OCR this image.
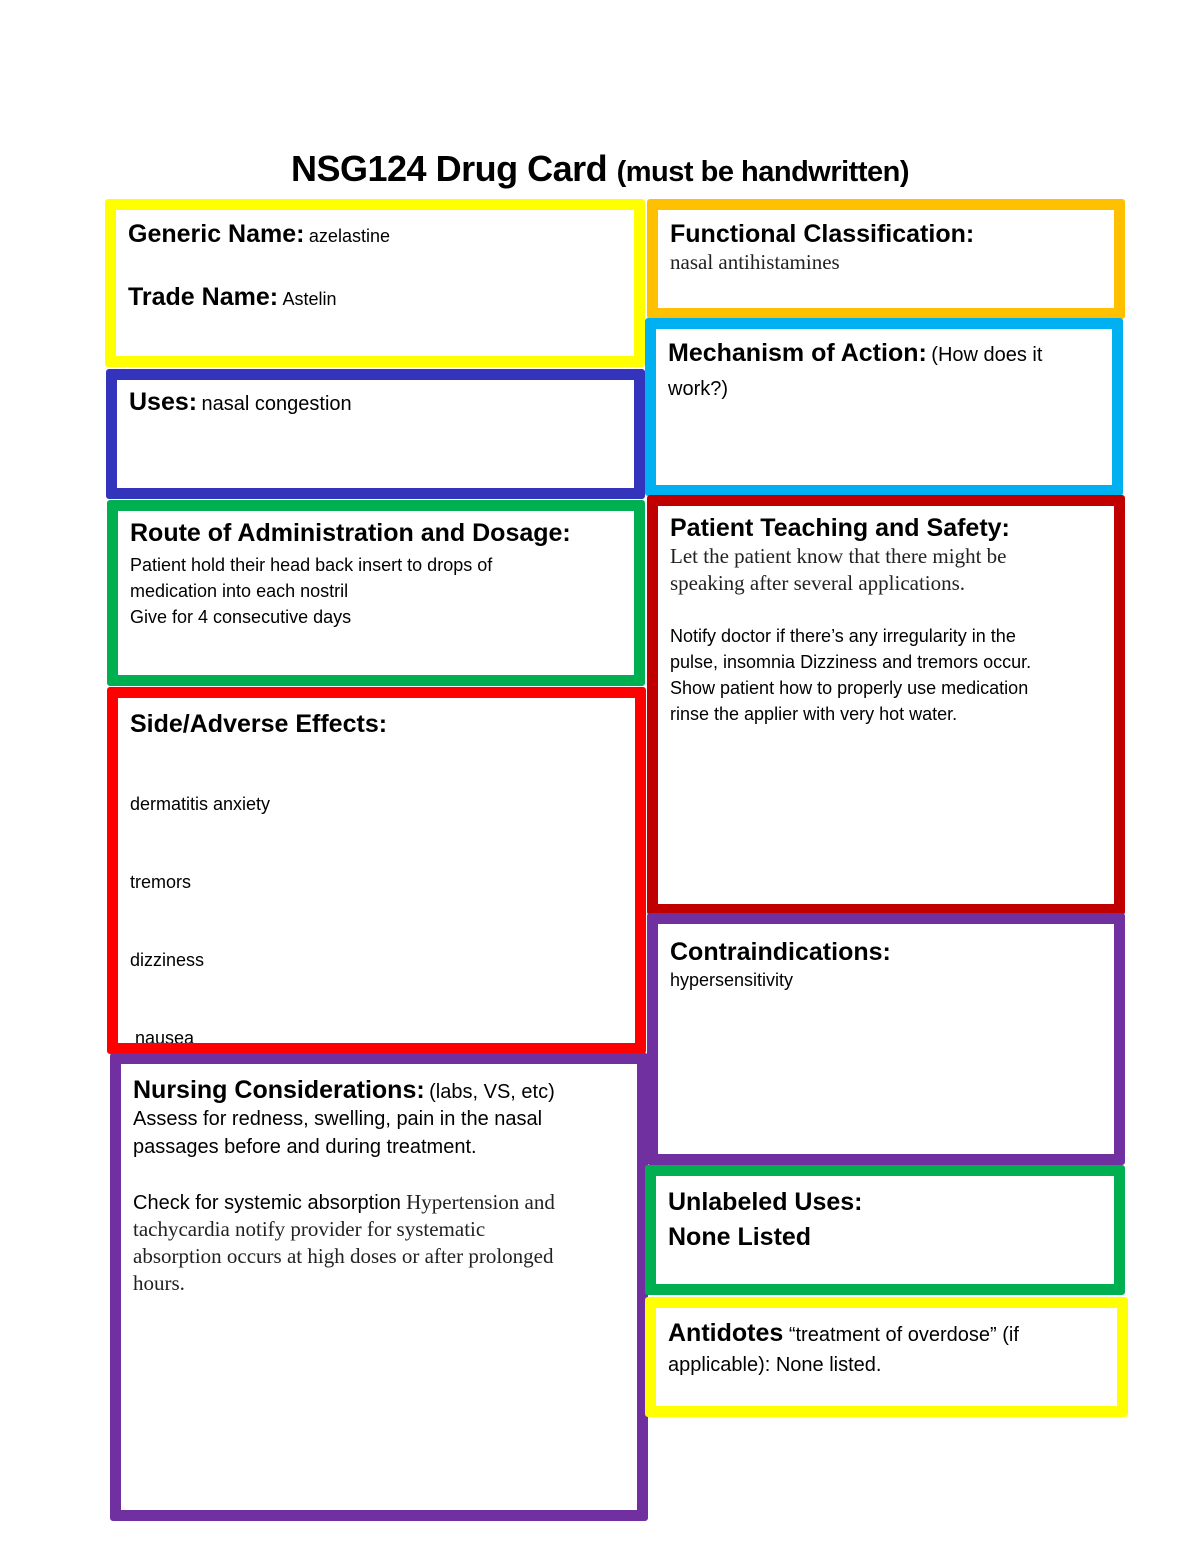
NSG124 Drug Card (must be handwritten)
Generic Name: azelastine
Trade Name: Astelin
Functional Classification:
nasal antihistamines
Uses: nasal congestion
Mechanism of Action: (How does it work?)
Route of Administration and Dosage:
Patient hold their head back insert to drops of
medication into each nostril
Give for 4 consecutive days
Patient Teaching and Safety:
Let the patient know that there might be
speaking after several applications.
Notify doctor if there’s any irregularity in the
pulse, insomnia Dizziness and tremors occur.
Show patient how to properly use medication
rinse the applier with very hot water.
Side/Adverse Effects:

dermatitis anxiety

tremors

dizziness

nausea

Contraindications:
hypersensitivity
Nursing Considerations: (labs, VS, etc)
Assess for redness, swelling, pain in the nasal
passages before and during treatment.
Check for systemic absorption Hypertension and
tachycardia notify provider for systematic
absorption occurs at high doses or after prolonged
hours.
Unlabeled Uses:
None Listed
Antidotes “treatment of overdose” (if
applicable): None listed.
